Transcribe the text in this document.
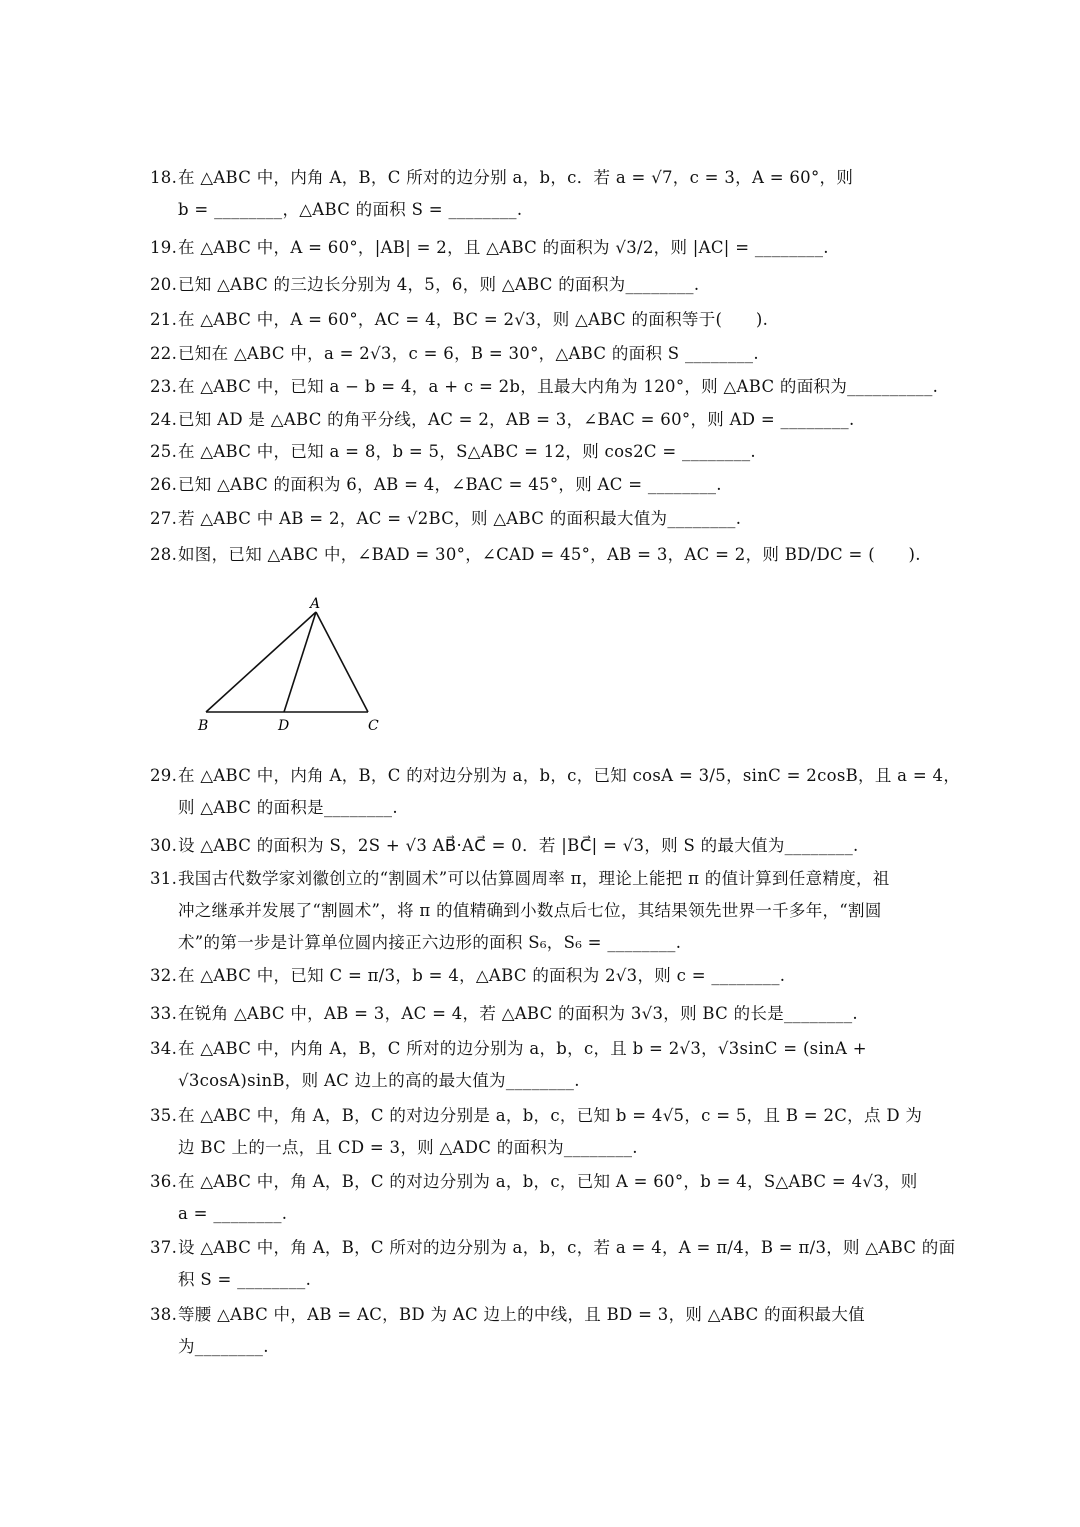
18.在 △ABC 中，内角 A，B，C 所对的边分别 a，b，c．若 a = √7，c = 3，A = 60°，则
b = ________，△ABC 的面积 S = ________.
19.在 △ABC 中，A = 60°，|AB| = 2，且 △ABC 的面积为 √3/2，则 |AC| = ________.
20.已知 △ABC 的三边长分别为 4，5，6，则 △ABC 的面积为________.
21.在 △ABC 中，A = 60°，AC = 4，BC = 2√3，则 △ABC 的面积等于(　　).
22.已知在 △ABC 中，a = 2√3，c = 6，B = 30°，△ABC 的面积 S ________.
23.在 △ABC 中，已知 a − b = 4，a + c = 2b，且最大内角为 120°，则 △ABC 的面积为__________.
24.已知 AD 是 △ABC 的角平分线，AC = 2，AB = 3，∠BAC = 60°，则 AD = ________.
25.在 △ABC 中，已知 a = 8，b = 5，S△ABC = 12，则 cos2C = ________.
26.已知 △ABC 的面积为 6，AB = 4，∠BAC = 45°，则 AC = ________.
27.若 △ABC 中 AB = 2，AC = √2BC，则 △ABC 的面积最大值为________.
28.如图，已知 △ABC 中，∠BAD = 30°，∠CAD = 45°，AB = 3，AC = 2，则 BD/DC = (　　).
A
B	D	C
29.在 △ABC 中，内角 A，B，C 的对边分别为 a，b，c，已知 cosA = 3/5，sinC = 2cosB，且 a = 4，
则 △ABC 的面积是________.
30.设 △ABC 的面积为 S，2S + √3 AB⃗·AC⃗ = 0．若 |BC⃗| = √3，则 S 的最大值为________.
31.我国古代数学家刘徽创立的“割圆术”可以估算圆周率 π，理论上能把 π 的值计算到任意精度，祖
冲之继承并发展了“割圆术”，将 π 的值精确到小数点后七位，其结果领先世界一千多年，“割圆
术”的第一步是计算单位圆内接正六边形的面积 S₆，S₆ = ________.
32.在 △ABC 中，已知 C = π/3，b = 4，△ABC 的面积为 2√3，则 c = ________.
33.在锐角 △ABC 中，AB = 3，AC = 4，若 △ABC 的面积为 3√3，则 BC 的长是________.
34.在 △ABC 中，内角 A，B，C 所对的边分别为 a，b，c，且 b = 2√3，√3sinC = (sinA +
√3cosA)sinB，则 AC 边上的高的最大值为________.
35.在 △ABC 中，角 A，B，C 的对边分别是 a，b，c，已知 b = 4√5，c = 5，且 B = 2C，点 D 为
边 BC 上的一点，且 CD = 3，则 △ADC 的面积为________.
36.在 △ABC 中，角 A，B，C 的对边分别为 a，b，c，已知 A = 60°，b = 4，S△ABC = 4√3，则
a = ________.
37.设 △ABC 中，角 A，B，C 所对的边分别为 a，b，c，若 a = 4，A = π/4，B = π/3，则 △ABC 的面
积 S = ________.
38.等腰 △ABC 中，AB = AC，BD 为 AC 边上的中线，且 BD = 3，则 △ABC 的面积最大值
为________.
